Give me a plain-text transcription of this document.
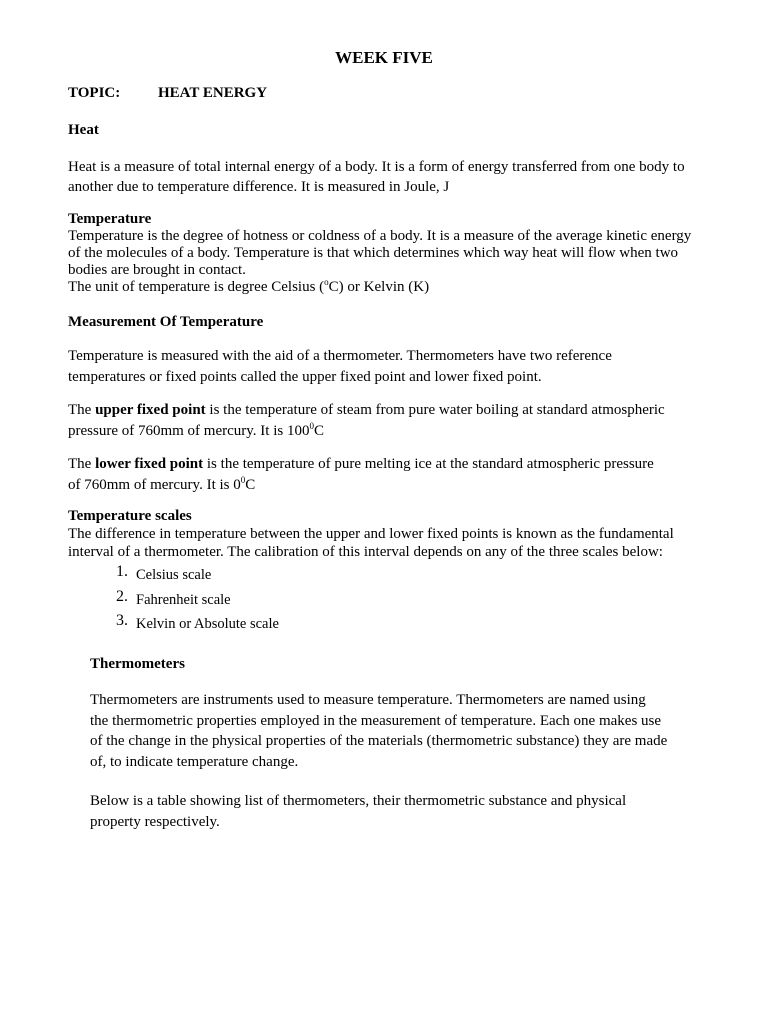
WEEK FIVE
TOPIC:	HEAT ENERGY
Heat
Heat is a measure of total internal energy of a body. It is a form of energy transferred from one body to
another due to temperature difference. It is measured in Joule, J
Temperature
Temperature is the degree of hotness or coldness of a body. It is a measure of the average kinetic energy
of the molecules of a body. Temperature is that which determines which way heat will flow when two
bodies are brought in contact.
The unit of temperature is degree Celsius ($^o$C) or Kelvin (K)
Measurement Of Temperature
Temperature is measured with the aid of a thermometer. Thermometers have two reference
temperatures or fixed points called the upper fixed point and lower fixed point.
The upper fixed point is the temperature of steam from pure water boiling at standard atmospheric
pressure of 760mm of mercury. It is $100^0C$
The lower fixed point is the temperature of pure melting ice at the standard atmospheric pressure
of 760mm of mercury. It is $0^0C$
Temperature scales
The difference in temperature between the upper and lower fixed points is known as the fundamental
interval of a thermometer. The calibration of this interval depends on any of the three scales below:
1. Celsius scale
2. Fahrenheit scale
3. Kelvin or Absolute scale
Thermometers
Thermometers are instruments used to measure temperature. Thermometers are named using
the thermometric properties employed in the measurement of temperature. Each one makes use
of the change in the physical properties of the materials (thermometric substance) they are made
of, to indicate temperature change.
Below is a table showing list of thermometers, their thermometric substance and physical
property respectively.
